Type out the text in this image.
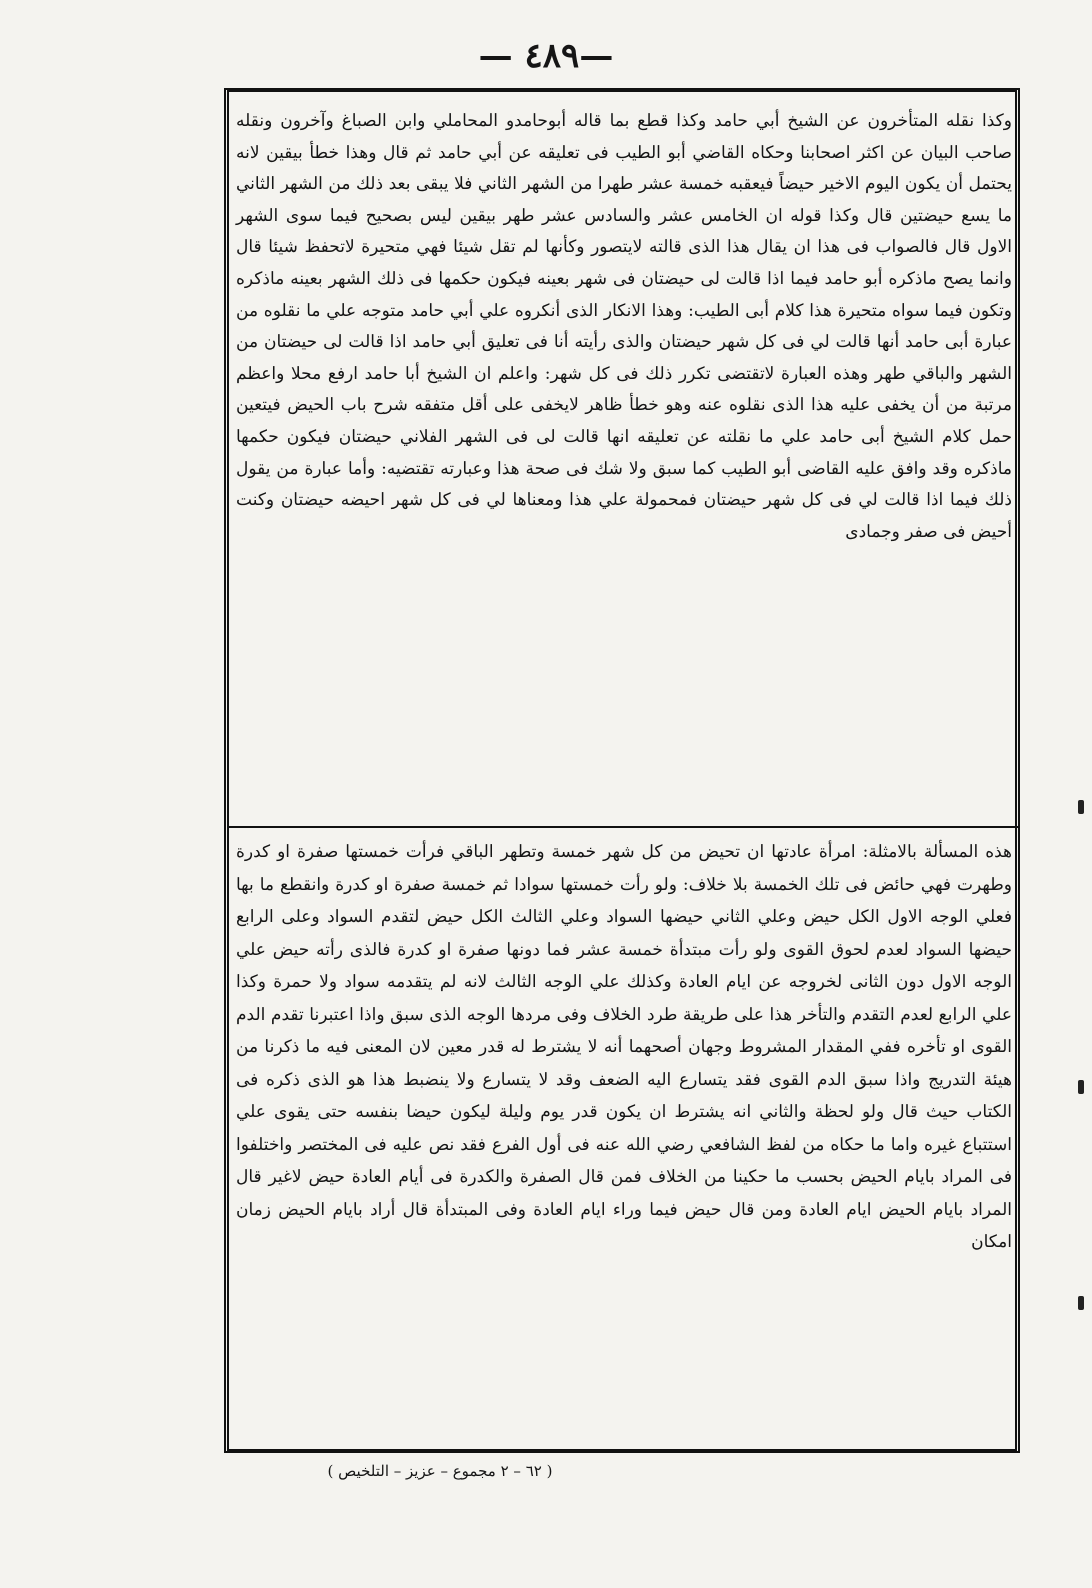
— ٤٨٩—

وكذا نقله المتأخرون عن الشيخ أبي حامد وكذا قطع بما قاله أبوحامدو المحاملي وابن الصباغ وآخرون ونقله صاحب البيان عن اكثر اصحابنا وحكاه القاضي أبو الطيب فى تعليقه عن أبي حامد ثم قال وهذا خطأ بيقين لانه يحتمل أن يكون اليوم الاخير حيضاً فيعقبه خمسة عشر طهرا من الشهر الثاني فلا يبقى بعد ذلك من الشهر الثاني ما يسع حيضتين قال وكذا قوله ان الخامس عشر والسادس عشر طهر بيقين ليس بصحيح فيما سوى الشهر الاول قال فالصواب فى هذا ان يقال هذا الذى قالته لايتصور وكأنها لم تقل شيئا فهي متحيرة لاتحفظ شيئا قال وانما يصح ماذكره أبو حامد فيما اذا قالت لى حيضتان فى شهر بعينه فيكون حكمها فى ذلك الشهر بعينه ماذكره وتكون فيما سواه متحيرة هذا كلام أبى الطيب: وهذا الانكار الذى أنكروه علي أبي حامد متوجه علي ما نقلوه من عبارة أبى حامد أنها قالت لي فى كل شهر حيضتان والذى رأيته أنا فى تعليق أبي حامد اذا قالت لى حيضتان من الشهر والباقي طهر وهذه العبارة لاتقتضى تكرر ذلك فى كل شهر: واعلم ان الشيخ أبا حامد ارفع محلا واعظم مرتبة من أن يخفى عليه هذا الذى نقلوه عنه وهو خطأ ظاهر لايخفى على أقل متفقه شرح باب الحيض فيتعين حمل كلام الشيخ أبى حامد علي ما نقلته عن تعليقه انها قالت لى فى الشهر الفلاني حيضتان فيكون حكمها ماذكره وقد وافق عليه القاضى أبو الطيب كما سبق ولا شك فى صحة هذا وعبارته تقتضيه: وأما عبارة من يقول ذلك فيما اذا قالت لي فى كل شهر حيضتان فمحمولة علي هذا ومعناها لي فى كل شهر احيضه حيضتان وكنت أحيض فى صفر وجمادى

هذه المسألة بالامثلة: امرأة عادتها ان تحيض من كل شهر خمسة وتطهر الباقي فرأت خمستها صفرة او كدرة وطهرت فهي حائض فى تلك الخمسة بلا خلاف: ولو رأت خمستها سوادا ثم خمسة صفرة او كدرة وانقطع ما بها فعلي الوجه الاول الكل حيض وعلي الثاني حيضها السواد وعلي الثالث الكل حيض لتقدم السواد وعلى الرابع حيضها السواد لعدم لحوق القوى ولو رأت مبتدأة خمسة عشر فما دونها صفرة او كدرة فالذى رأته حيض علي الوجه الاول دون الثانى لخروجه عن ايام العادة وكذلك علي الوجه الثالث لانه لم يتقدمه سواد ولا حمرة وكذا علي الرابع لعدم التقدم والتأخر هذا على طريقة طرد الخلاف وفى مردها الوجه الذى سبق واذا اعتبرنا تقدم الدم القوى او تأخره ففي المقدار المشروط وجهان أصحهما أنه لا يشترط له قدر معين لان المعنى فيه ما ذكرنا من هيئة التدريج واذا سبق الدم القوى فقد يتسارع اليه الضعف وقد لا يتسارع ولا ينضبط هذا هو الذى ذكره فى الكتاب حيث قال ولو لحظة والثاني انه يشترط ان يكون قدر يوم وليلة ليكون حيضا بنفسه حتى يقوى علي استتباع غيره واما ما حكاه من لفظ الشافعي رضي الله عنه فى أول الفرع فقد نص عليه فى المختصر واختلفوا فى المراد بايام الحيض بحسب ما حكينا من الخلاف فمن قال الصفرة والكدرة فى أيام العادة حيض لاغير قال المراد بايام الحيض ايام العادة ومن قال حيض فيما وراء ايام العادة وفى المبتدأة قال أراد بايام الحيض زمان امكان

( ٦٢ – ٢ مجموع – عزيز – التلخيص )
